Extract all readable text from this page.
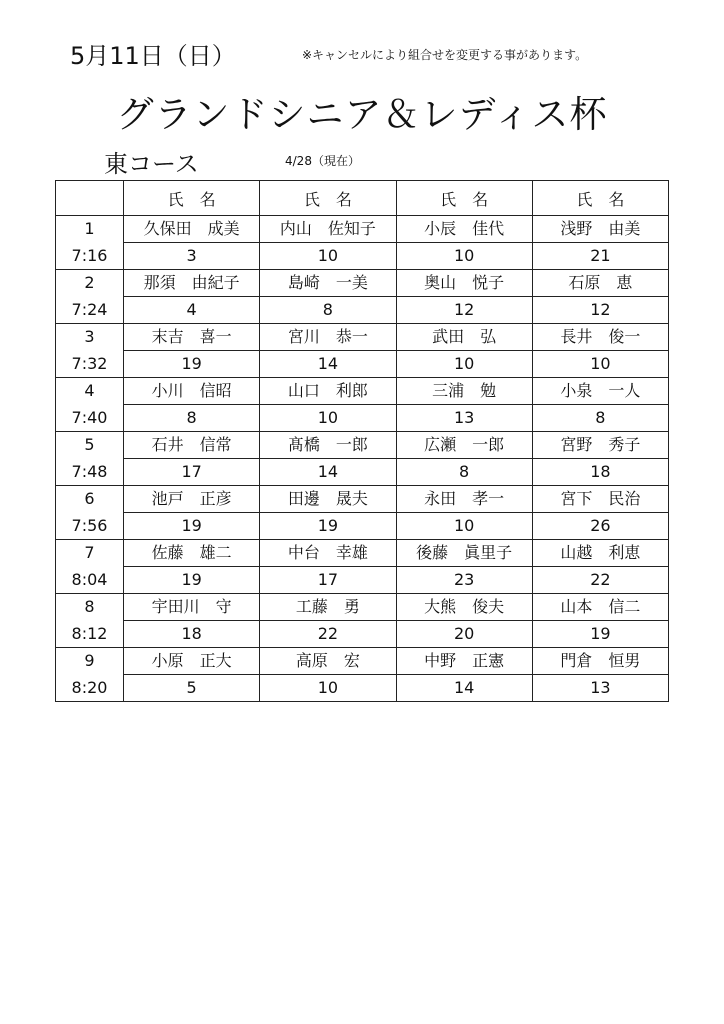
5月11日（日）	※キャンセルにより組合せを変更する事があります。
グランドシニア＆レディス杯
東コース	4/28（現在）
	氏　名	氏　名	氏　名	氏　名
1	久保田　成美	内山　佐知子	小辰　佳代	浅野　由美
7:16	3	10	10	21
2	那須　由紀子	島崎　一美	奥山　悦子	石原　恵
7:24	4	8	12	12
3	末吉　喜一	宮川　恭一	武田　弘	長井　俊一
7:32	19	14	10	10
4	小川　信昭	山口　利郎	三浦　勉	小泉　一人
7:40	8	10	13	8
5	石井　信常	髙橋　一郎	広瀬　一郎	宮野　秀子
7:48	17	14	8	18
6	池戸　正彦	田邊　晟夫	永田　孝一	宮下　民治
7:56	19	19	10	26
7	佐藤　雄二	中台　幸雄	後藤　眞里子	山越　利恵
8:04	19	17	23	22
8	宇田川　守	工藤　勇	大熊　俊夫	山本　信二
8:12	18	22	20	19
9	小原　正大	高原　宏	中野　正憲	門倉　恒男
8:20	5	10	14	13
